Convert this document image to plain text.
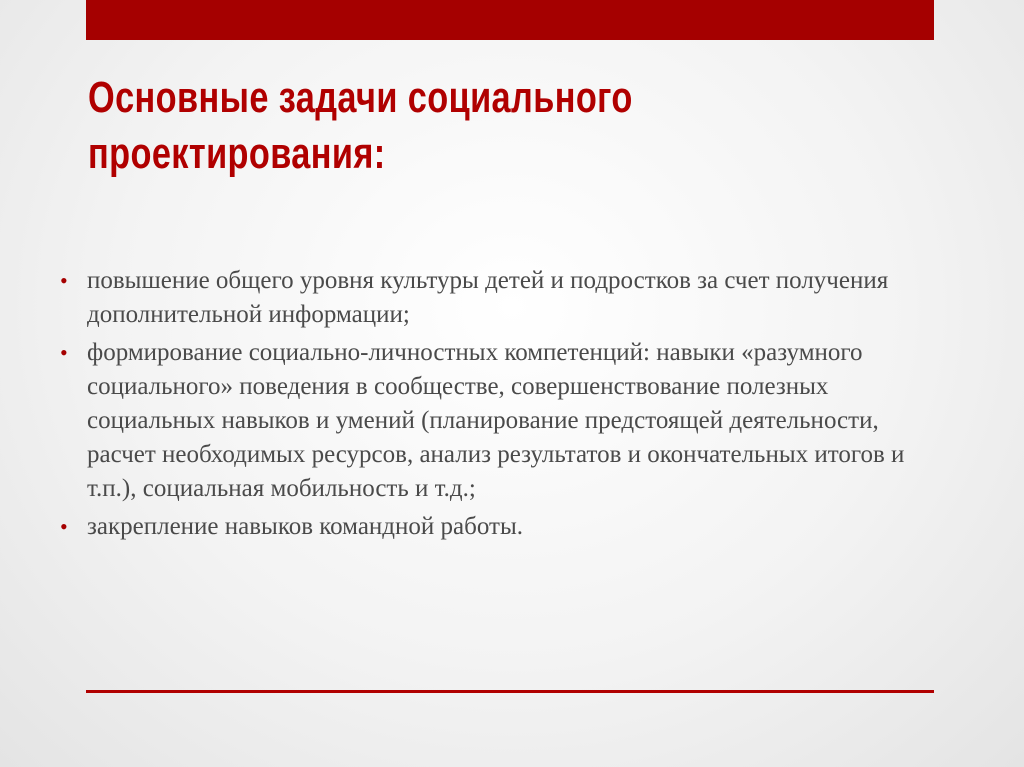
Основные задачи социального
проектирования:
• повышение общего уровня культуры детей и подростков за счет получения дополнительной информации;
• формирование социально-личностных компетенций: навыки «разумного социального» поведения в сообществе, совершенствование полезных социальных навыков и умений (планирование предстоящей деятельности, расчет необходимых ресурсов, анализ результатов и окончательных итогов и т.п.), социальная мобильность и т.д.;
• закрепление навыков командной работы.
